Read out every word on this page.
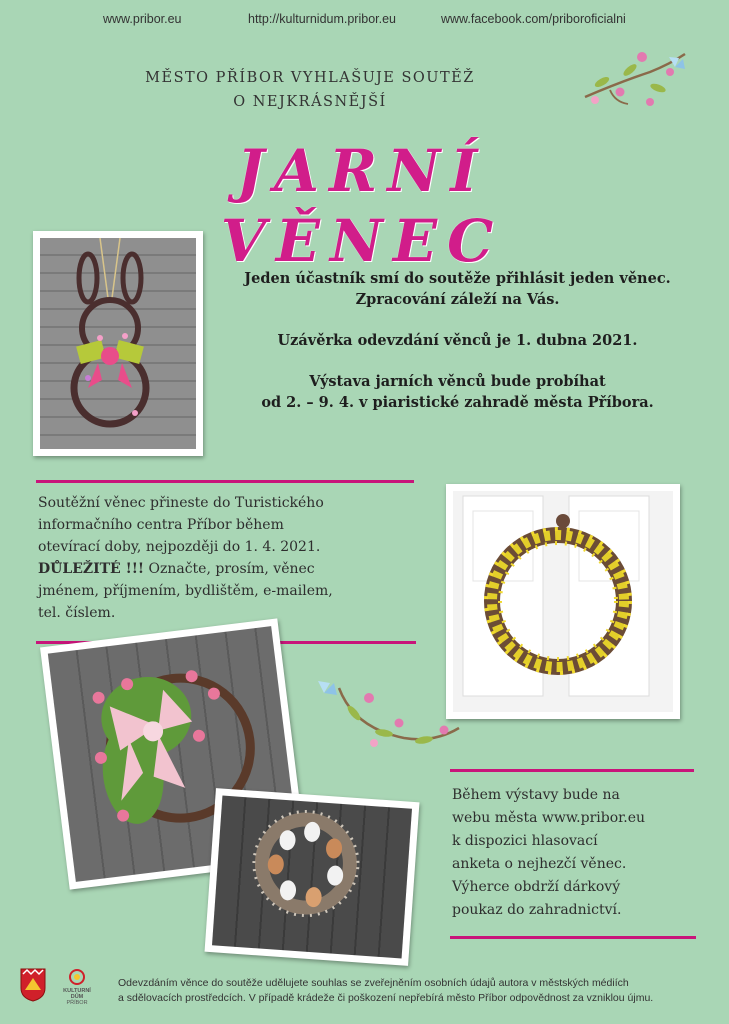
www.pribor.eu	http://kulturnidum.pribor.eu	www.facebook.com/priboroficialni
MĚSTO PŘÍBOR VYHLAŠUJE SOUTĚŽ
O NEJKRÁSNĚJŠÍ
JARNÍ VĚNEC

Jeden účastník smí do soutěže přihlásit jeden věnec.
Zpracování záleží na Vás.

Uzávěrka odevzdání věnců je 1. dubna 2021.

Výstava jarních věnců bude probíhat
od 2. – 9. 4. v piaristické zahradě města Příbora.

Soutěžní věnec přineste do Turistického
informačního centra Příbor během
otevírací doby, nejpozději do 1. 4. 2021.
DŮLEŽITÉ !!! Označte, prosím, věnec
jménem, příjmením, bydlištěm, e-mailem,
tel. číslem.
Během výstavy bude na
webu města www.pribor.eu
k dispozici hlasovací
anketa o nejhezčí věnec.
Výherce obdrží dárkový
poukaz do zahradnictví.
KULTURNÍ
DŮM
PŘÍBOR
Odevzdáním věnce do soutěže udělujete souhlas se zveřejněním osobních údajů autora v městských médiích
a sdělovacích prostředcích. V případě krádeže či poškození nepřebírá město Příbor odpovědnost za vzniklou újmu.
